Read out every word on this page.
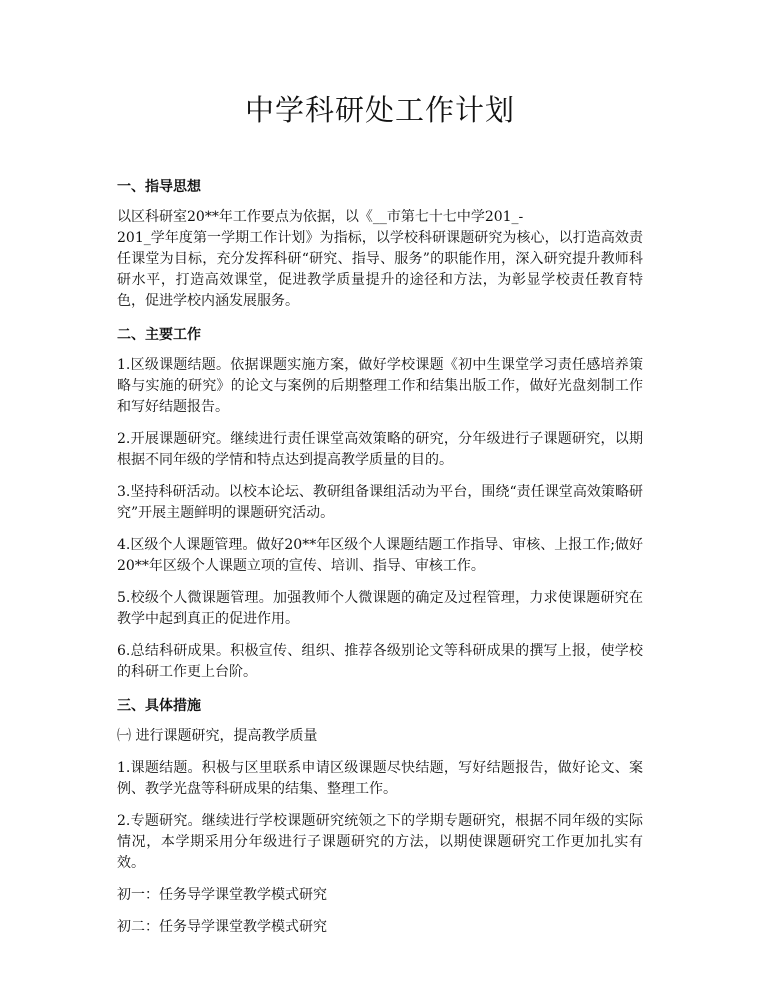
中学科研处工作计划
一、指导思想

以区科研室20**年工作要点为依据，以《__市第七十七中学201_-

201_学年度第一学期工作计划》为指标，以学校科研课题研究为核心，以打造高效责任课堂为目标，充分发挥科研“研究、指导、服务”的职能作用，深入研究提升教师科研水平，打造高效课堂，促进教学质量提升的途径和方法，为彰显学校责任教育特色，促进学校内涵发展服务。

二、主要工作

1.区级课题结题。依据课题实施方案，做好学校课题《初中生课堂学习责任感培养策略与实施的研究》的论文与案例的后期整理工作和结集出版工作，做好光盘刻制工作和写好结题报告。

2.开展课题研究。继续进行责任课堂高效策略的研究，分年级进行子课题研究，以期根据不同年级的学情和特点达到提高教学质量的目的。

3.坚持科研活动。以校本论坛、教研组备课组活动为平台，围绕“责任课堂高效策略研究”开展主题鲜明的课题研究活动。

4.区级个人课题管理。做好20**年区级个人课题结题工作指导、审核、上报工作;做好20**年区级个人课题立项的宣传、培训、指导、审核工作。

5.校级个人微课题管理。加强教师个人微课题的确定及过程管理，力求使课题研究在教学中起到真正的促进作用。

6.总结科研成果。积极宣传、组织、推荐各级别论文等科研成果的撰写上报，使学校的科研工作更上台阶。

三、具体措施

㈠ 进行课题研究，提高教学质量

1.课题结题。积极与区里联系申请区级课题尽快结题，写好结题报告，做好论文、案例、教学光盘等科研成果的结集、整理工作。

2.专题研究。继续进行学校课题研究统领之下的学期专题研究，根据不同年级的实际情况，本学期采用分年级进行子课题研究的方法，以期使课题研究工作更加扎实有效。

初一：任务导学课堂教学模式研究

初二：任务导学课堂教学模式研究
